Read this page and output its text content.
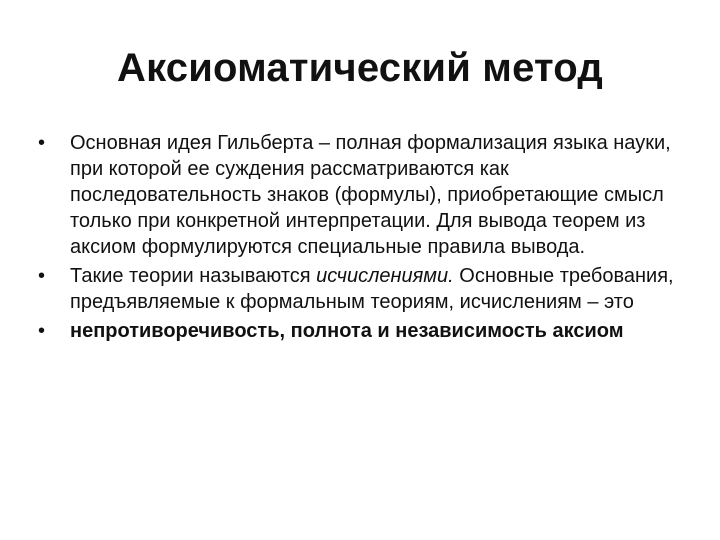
Аксиоматический метод
•	Основная идея Гильберта – полная формализация языка науки, при которой ее суждения рассматриваются как последовательность знаков (формулы), приобретающие смысл только при конкретной интерпретации. Для вывода теорем из аксиом формулируются специальные правила вывода.
•	Такие теории называются исчислениями. Основные требования, предъявляемые к формальным теориям, исчислениям – это
•	непротиворечивость, полнота и независимость аксиом
